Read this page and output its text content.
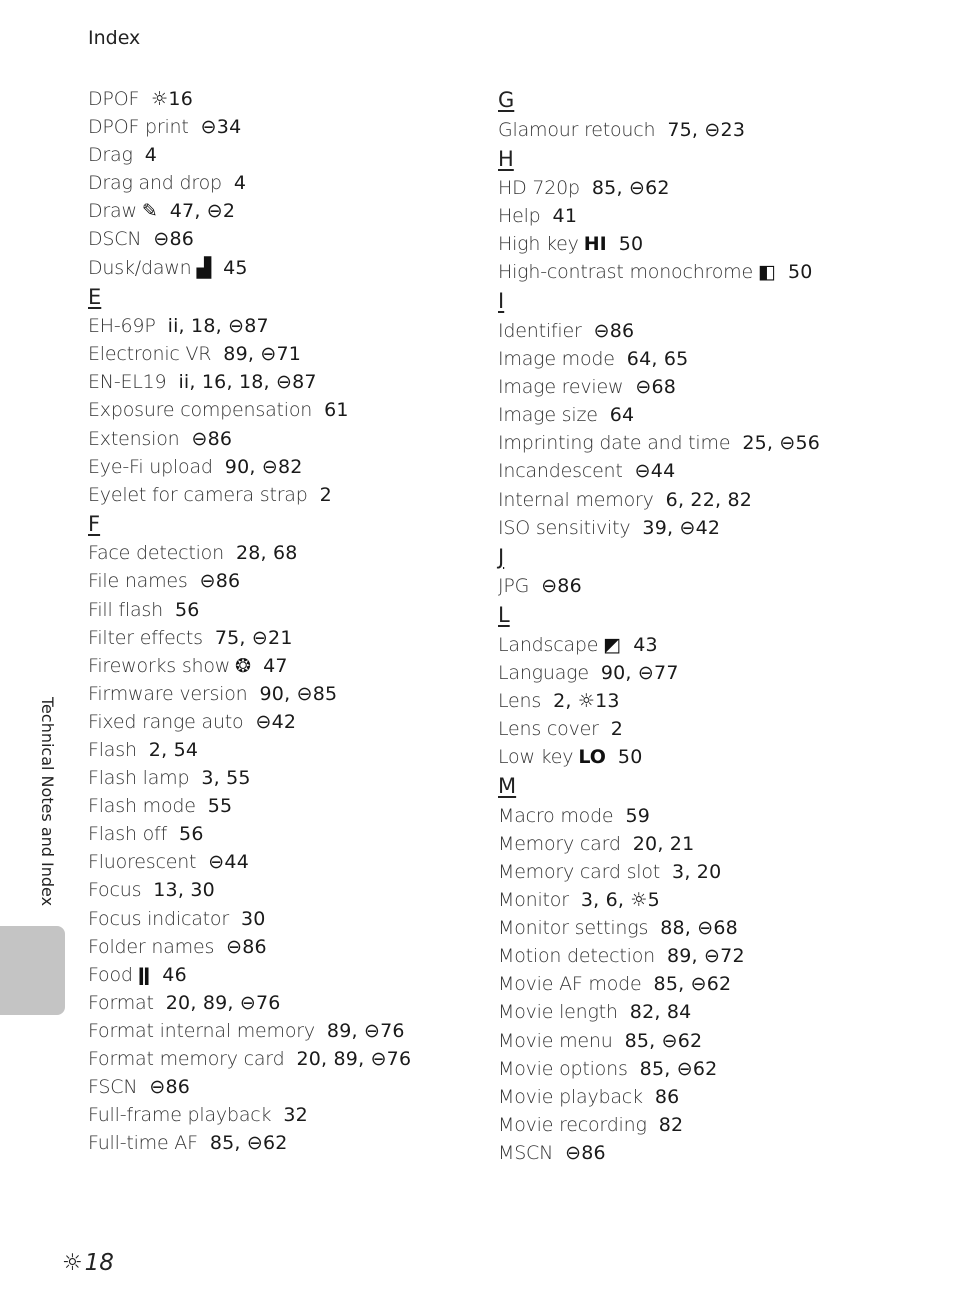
Index
DPOF ☼16
DPOF print ⊖34
Drag 4
Drag and drop 4
Draw ✎ 47, ⊖2
DSCN ⊖86
Dusk/dawn ▟ 45
E
EH-69P ii, 18, ⊖87
Electronic VR 89, ⊖71
EN-EL19 ii, 16, 18, ⊖87
Exposure compensation 61
Extension ⊖86
Eye-Fi upload 90, ⊖82
Eyelet for camera strap 2
F
Face detection 28, 68
File names ⊖86
Fill flash 56
Filter effects 75, ⊖21
Fireworks show ❂ 47
Firmware version 90, ⊖85
Fixed range auto ⊖42
Flash 2, 54
Flash lamp 3, 55
Flash mode 55
Flash off 56
Fluorescent ⊖44
Focus 13, 30
Focus indicator 30
Folder names ⊖86
Food ǁ 46
Format 20, 89, ⊖76
Format internal memory 89, ⊖76
Format memory card 20, 89, ⊖76
FSCN ⊖86
Full-frame playback 32
Full-time AF 85, ⊖62
G
Glamour retouch 75, ⊖23
H
HD 720p 85, ⊖62
Help 41
High key HI 50
High-contrast monochrome ◧ 50
I
Identifier ⊖86
Image mode 64, 65
Image review ⊖68
Image size 64
Imprinting date and time 25, ⊖56
Incandescent ⊖44
Internal memory 6, 22, 82
ISO sensitivity 39, ⊖42
J
JPG ⊖86
L
Landscape ◩ 43
Language 90, ⊖77
Lens 2, ☼13
Lens cover 2
Low key LO 50
M
Macro mode 59
Memory card 20, 21
Memory card slot 3, 20
Monitor 3, 6, ☼5
Monitor settings 88, ⊖68
Motion detection 89, ⊖72
Movie AF mode 85, ⊖62
Movie length 82, 84
Movie menu 85, ⊖62
Movie options 85, ⊖62
Movie playback 86
Movie recording 82
MSCN ⊖86
Technical Notes and Index
☼18
